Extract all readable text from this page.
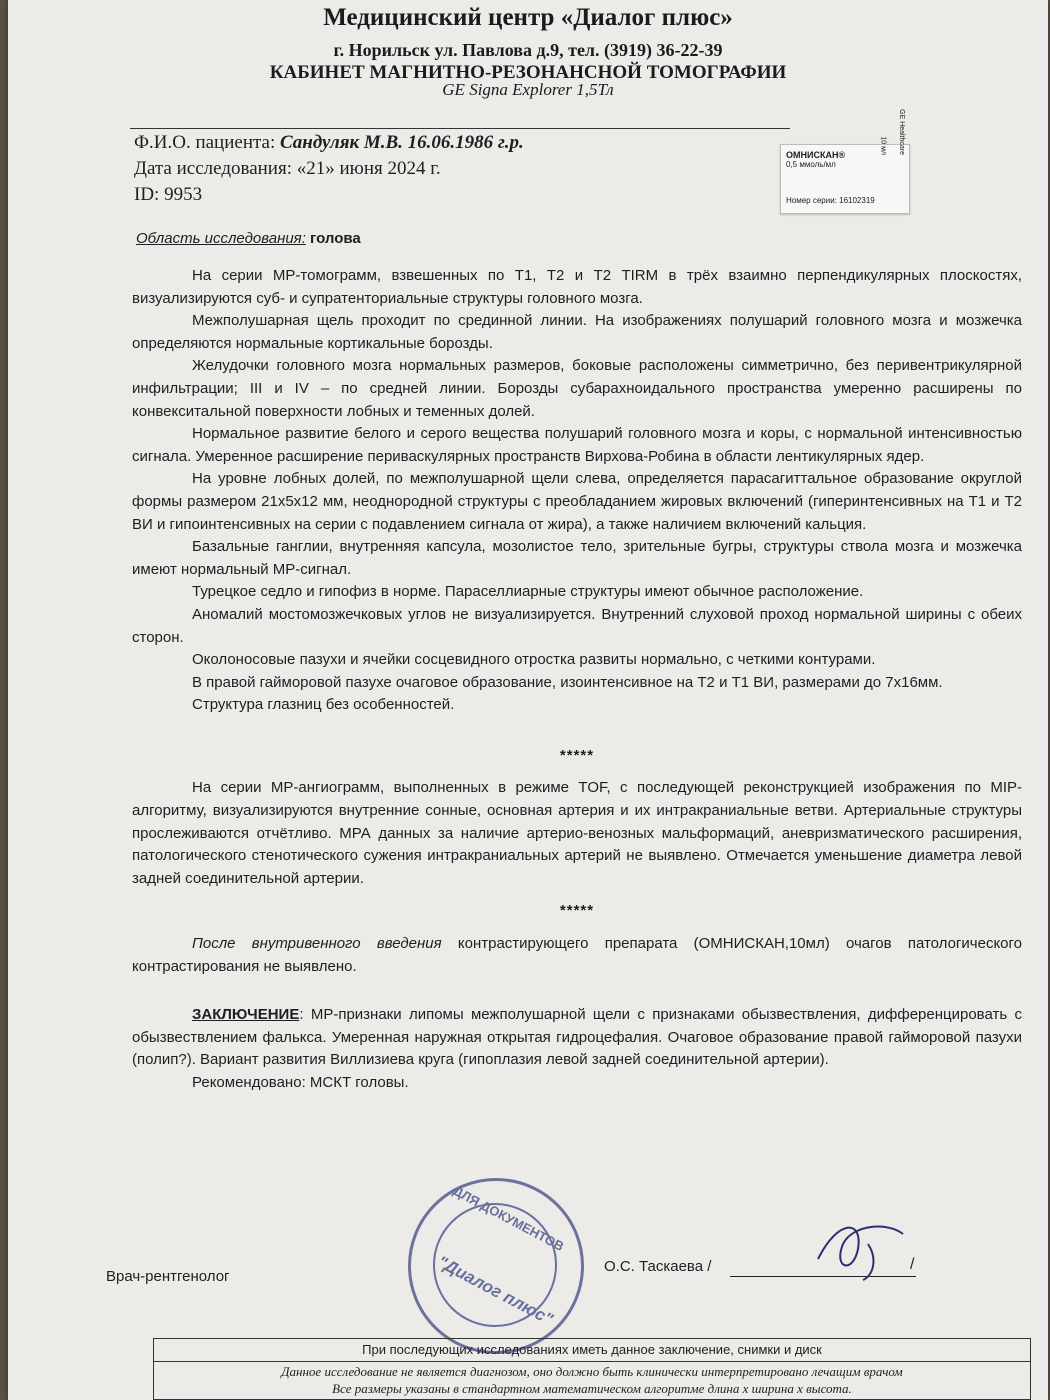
Медицинский центр «Диалог плюс»
г. Норильск ул. Павлова д.9, тел. (3919) 36-22-39
КАБИНЕТ МАГНИТНО-РЕЗОНАНСНОЙ ТОМОГРАФИИ
GE Signa Explorer 1,5Тл
Ф.И.О. пациента: Сандуляк М.В. 16.06.1986 г.р.
Дата исследования: «21» июня 2024 г.
ID: 9953
ОМНИСКАН®
0,5 ммоль/мл
10 мл GE Healthcare
Номер серии: 16102319
Область исследования: голова

На серии МР-томограмм, взвешенных по Т1, Т2 и Т2 TIRM в трёх взаимно перпендикулярных плоскостях, визуализируются суб- и супратенториальные структуры головного мозга.

Межполушарная щель проходит по срединной линии. На изображениях полушарий головного мозга и мозжечка определяются нормальные кортикальные борозды.

Желудочки головного мозга нормальных размеров, боковые расположены симметрично, без перивентрикулярной инфильтрации; III и IV – по средней линии. Борозды субарахноидального пространства умеренно расширены по конвекситальной поверхности лобных и теменных долей.

Нормальное развитие белого и серого вещества полушарий головного мозга и коры, с нормальной интенсивностью сигнала. Умеренное расширение периваскулярных пространств Вирхова-Робина в области лентикулярных ядер.

На уровне лобных долей, по межполушарной щели слева, определяется парасагиттальное образование округлой формы размером 21х5х12 мм, неоднородной структуры с преобладанием жировых включений (гиперинтенсивных на Т1 и Т2 ВИ и гипоинтенсивных на серии с подавлением сигнала от жира), а также наличием включений кальция.

Базальные ганглии, внутренняя капсула, мозолистое тело, зрительные бугры, структуры ствола мозга и мозжечка имеют нормальный МР-сигнал.

Турецкое седло и гипофиз в норме. Параселлиарные структуры имеют обычное расположение.

Аномалий мостомозжечковых углов не визуализируется. Внутренний слуховой проход нормальной ширины с обеих сторон.

Околоносовые пазухи и ячейки сосцевидного отростка развиты нормально, с четкими контурами.

В правой гайморовой пазухе очаговое образование, изоинтенсивное на Т2 и Т1 ВИ, размерами до 7х16мм.

Структура глазниц без особенностей.

*****

На серии МР-ангиограмм, выполненных в режиме TOF, с последующей реконструкцией изображения по MIP-алгоритму, визуализируются внутренние сонные, основная артерия и их интракраниальные ветви. Артериальные структуры прослеживаются отчётливо. МРА данных за наличие артерио-венозных мальформаций, аневризматического расширения, патологического стенотического сужения интракраниальных артерий не выявлено. Отмечается уменьшение диаметра левой задней соединительной артерии.

*****

После внутривенного введения контрастирующего препарата (ОМНИСКАН,10мл) очагов патологического контрастирования не выявлено.

ЗАКЛЮЧЕНИЕ: МР-признаки липомы межполушарной щели с признаками обызвествления, дифференцировать с обызвествлением фалькса. Умеренная наружная открытая гидроцефалия. Очаговое образование правой гайморовой пазухи (полип?). Вариант развития Виллизиева круга (гипоплазия левой задней соединительной артерии).

Рекомендовано: МСКТ головы.

Врач-рентгенолог
О.С. Таскаева /	/
ДЛЯ ДОКУМЕНТОВ
"Диалог плюс"
При последующих исследованиях иметь данное заключение, снимки и диск
Данное исследование не является диагнозом, оно должно быть клинически интерпретировано лечащим врачом
Все размеры указаны в стандартном математическом алгоритме длина х ширина х высота.
